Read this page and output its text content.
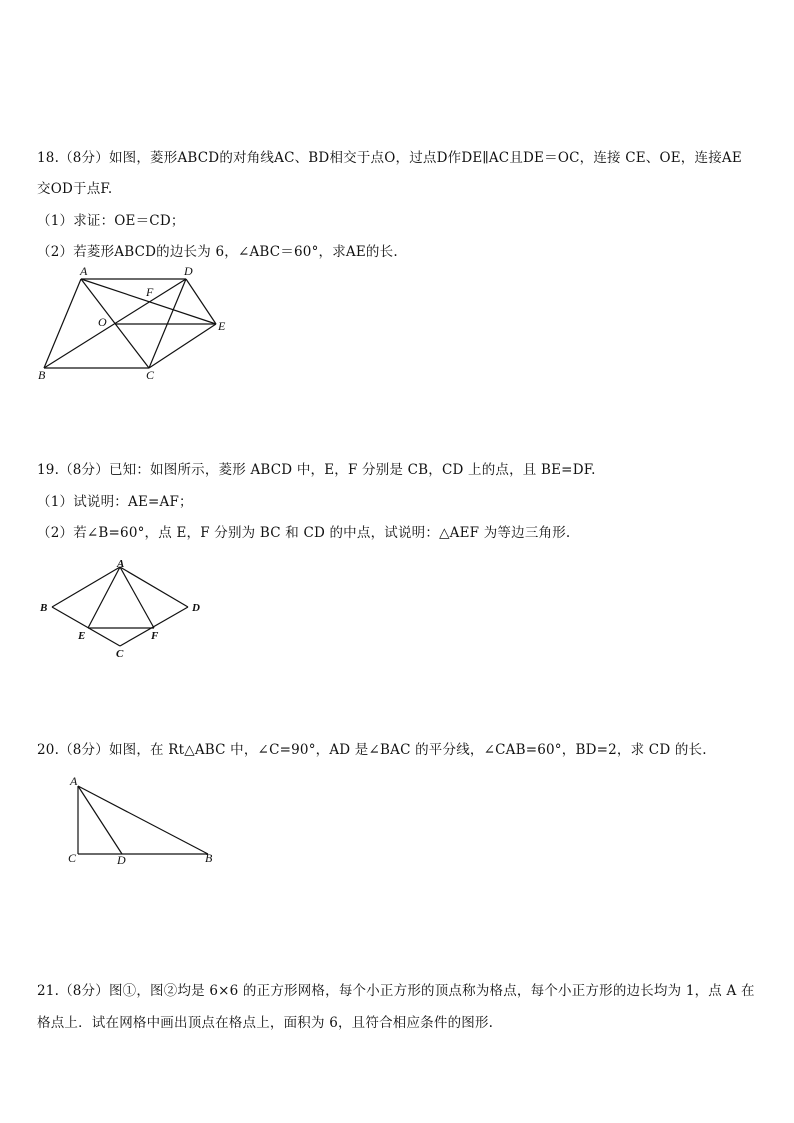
18.（8分）如图，菱形ABCD的对角线AC、BD相交于点O，过点D作DE∥AC且DE＝OC，连接 CE、OE，连接AE
交OD于点F.
（1）求证：OE＝CD；
（2）若菱形ABCD的边长为 6，∠ABC＝60°，求AE的长.
A	D
F
O	E
B	C
19.（8分）已知：如图所示，菱形 ABCD 中，E，F 分别是 CB，CD 上的点，且 BE=DF.
（1）试说明：AE=AF；
（2）若∠B=60°，点 E，F 分别为 BC 和 CD 的中点，试说明：△AEF 为等边三角形.
A
B	D
E	F
C
20.（8分）如图，在 Rt△ABC 中，∠C=90°，AD 是∠BAC 的平分线，∠CAB=60°，BD=2，求 CD 的长.
A
C	D	B
21.（8分）图①，图②均是 6×6 的正方形网格，每个小正方形的顶点称为格点，每个小正方形的边长均为 1，点 A 在
格点上．试在网格中画出顶点在格点上，面积为 6，且符合相应条件的图形.
